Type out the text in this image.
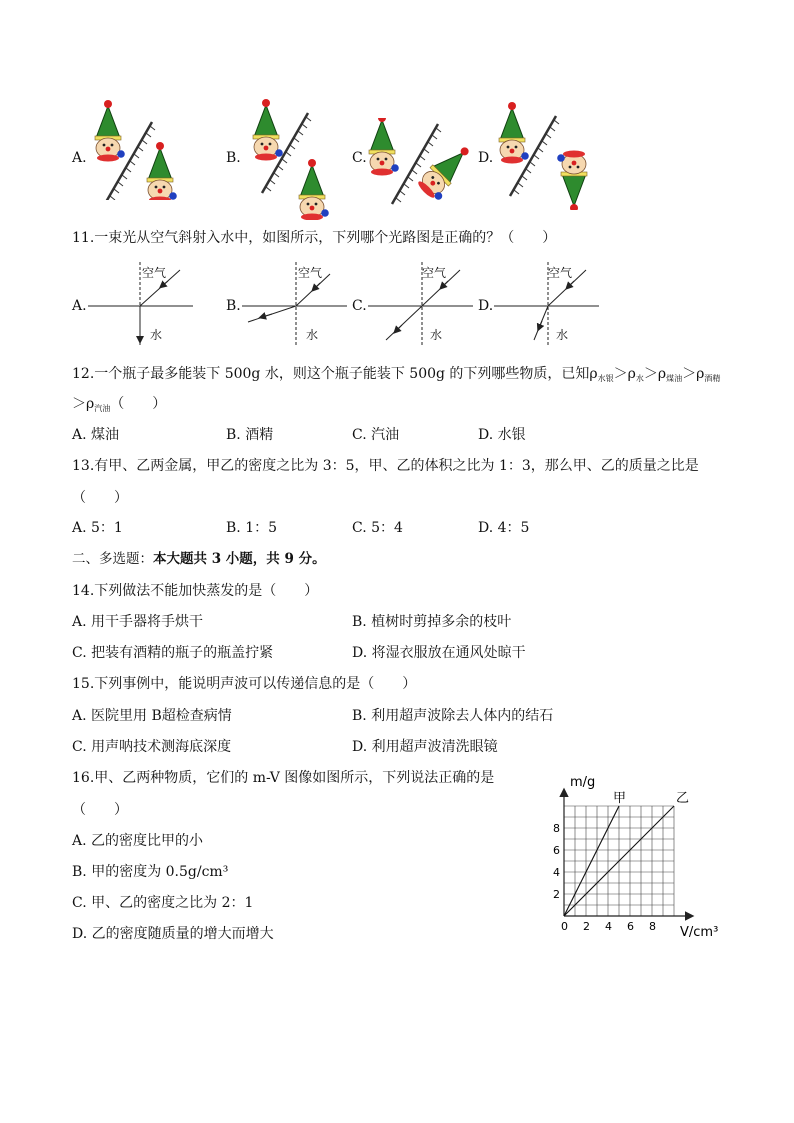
A.	B.	C.	D.
11.一束光从空气斜射入水中，如图所示，下列哪个光路图是正确的？（　　）
A.	B.	C.	D.
空气
水
空气
水
空气
水
空气
水
12.一个瓶子最多能装下 500g 水，则这个瓶子能装下 500g 的下列哪些物质，已知$\rho_{水银}>\rho_水>\rho_{煤油}>\rho_{酒精}$
$>\rho_{汽油}$（　　）
A. 煤油	B. 酒精	C. 汽油	D. 水银
13.有甲、乙两金属，甲乙的密度之比为 3：5，甲、乙的体积之比为 1：3，那么甲、乙的质量之比是
（　　）
A. 5：1	B. 1：5	C. 5：4	D. 4：5
二、多选题：本大题共 3 小题，共 9 分。
14.下列做法不能加快蒸发的是（　　）
A. 用干手器将手烘干	B. 植树时剪掉多余的枝叶
C. 把装有酒精的瓶子的瓶盖拧紧	D. 将湿衣服放在通风处晾干
15.下列事例中，能说明声波可以传递信息的是（　　）
A. 医院里用 B超检查病情	B. 利用超声波除去人体内的结石
C. 用声呐技术测海底深度	D. 利用超声波清洗眼镜
16.甲、乙两种物质，它们的 m-V 图像如图所示，下列说法正确的是
（　　）
A. 乙的密度比甲的小
B. 甲的密度为 0.5g/cm³
C. 甲、乙的密度之比为 2：1
D. 乙的密度随质量的增大而增大
甲	乙
0 2 4 6 8
2
4
6
8
m/g
V/cm³
